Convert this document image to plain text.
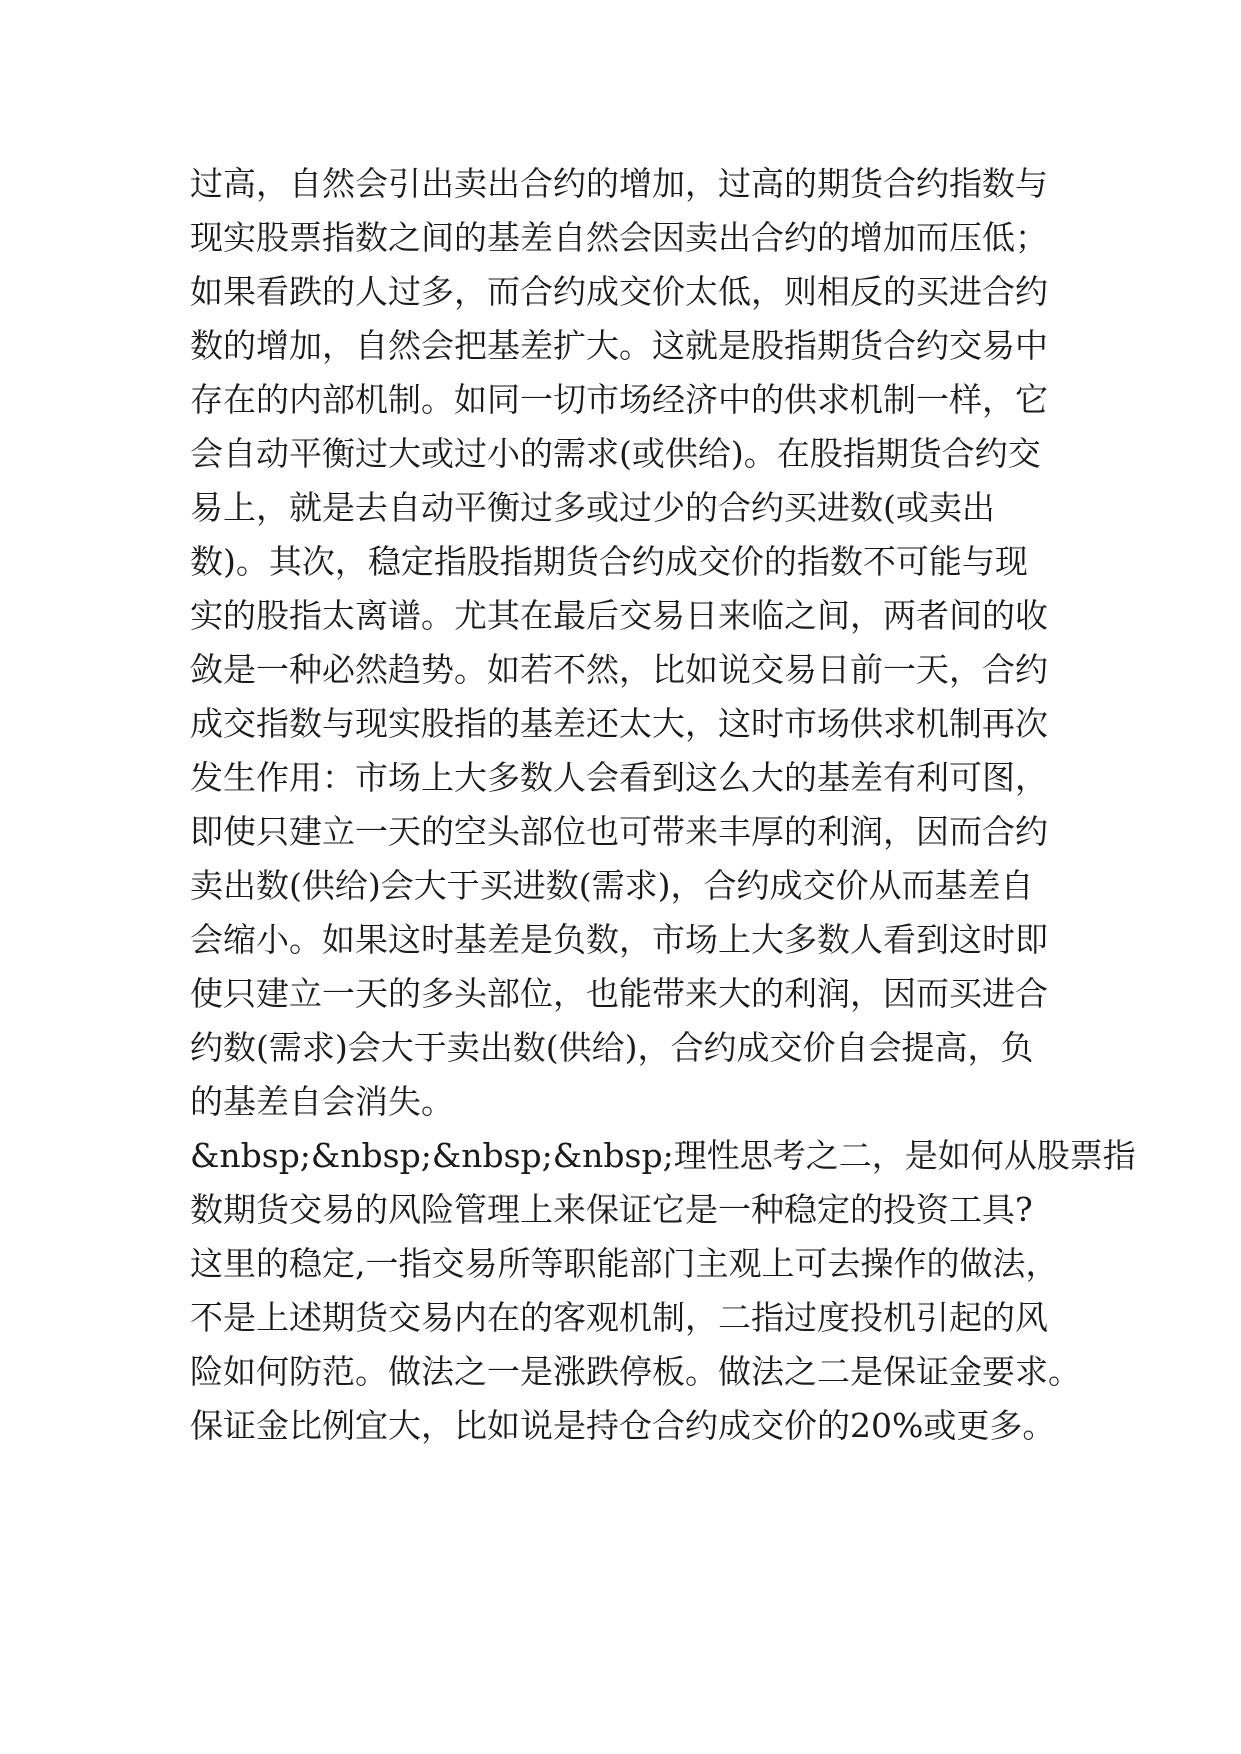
过高，自然会引出卖出合约的增加，过高的期货合约指数与
现实股票指数之间的基差自然会因卖出合约的增加而压低；
如果看跌的人过多，而合约成交价太低，则相反的买进合约
数的增加，自然会把基差扩大。这就是股指期货合约交易中
存在的内部机制。如同一切市场经济中的供求机制一样，它
会自动平衡过大或过小的需求(或供给)。在股指期货合约交
易上，就是去自动平衡过多或过少的合约买进数(或卖出
数)。其次，稳定指股指期货合约成交价的指数不可能与现
实的股指太离谱。尤其在最后交易日来临之间，两者间的收
敛是一种必然趋势。如若不然，比如说交易日前一天，合约
成交指数与现实股指的基差还太大，这时市场供求机制再次
发生作用：市场上大多数人会看到这么大的基差有利可图，
即使只建立一天的空头部位也可带来丰厚的利润，因而合约
卖出数(供给)会大于买进数(需求)，合约成交价从而基差自
会缩小。如果这时基差是负数，市场上大多数人看到这时即
使只建立一天的多头部位，也能带来大的利润，因而买进合
约数(需求)会大于卖出数(供给)，合约成交价自会提高，负
的基差自会消失。
&nbsp;&nbsp;&nbsp;&nbsp;理性思考之二，是如何从股票指
数期货交易的风险管理上来保证它是一种稳定的投资工具?
这里的稳定,一指交易所等职能部门主观上可去操作的做法，
不是上述期货交易内在的客观机制，二指过度投机引起的风
险如何防范。做法之一是涨跌停板。做法之二是保证金要求。
保证金比例宜大，比如说是持仓合约成交价的20%或更多。
